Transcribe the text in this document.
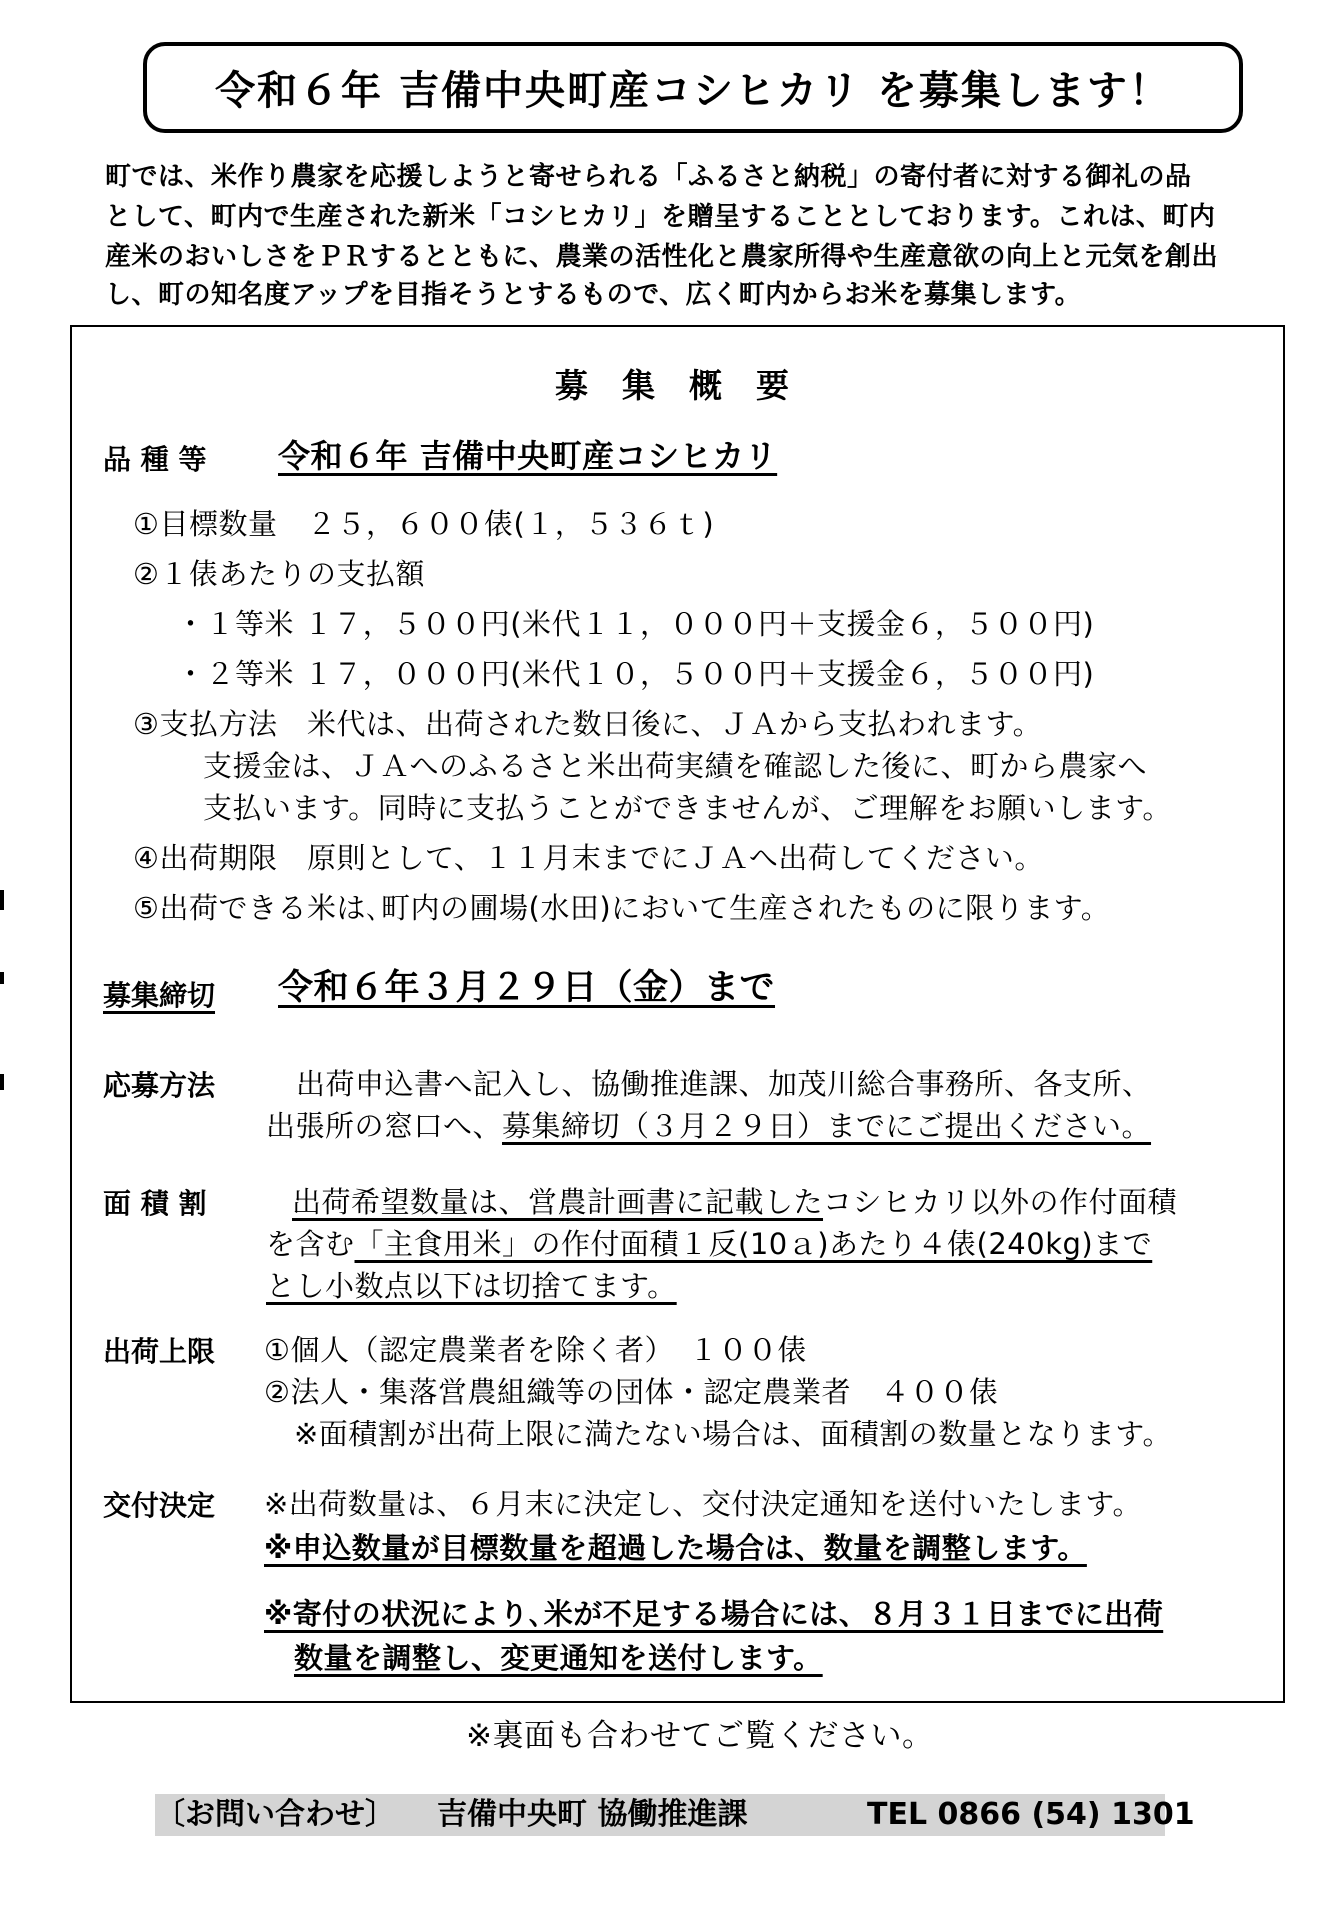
令和６年 吉備中央町産コシヒカリ を募集します！
町では、米作り農家を応援しようと寄せられる「ふるさと納税」の寄付者に対する御礼の品
として、町内で生産された新米「コシヒカリ」を贈呈することとしております。これは、町内
産米のおいしさをＰＲするとともに、農業の活性化と農家所得や生産意欲の向上と元気を創出
し、町の知名度アップを目指そうとするもので、広く町内からお米を募集します。
募　集　概　要
品 種 等 令和６年 吉備中央町産コシヒカリ
①目標数量　２５，６００俵(１，５３６ｔ)
②１俵あたりの支払額
・１等米 １７，５００円(米代１１，０００円＋支援金６，５００円)
・２等米 １７，０００円(米代１０，５００円＋支援金６，５００円)
③支払方法　米代は、出荷された数日後に、ＪＡから支払われます。
支援金は、ＪＡへのふるさと米出荷実績を確認した後に、町から農家へ
支払います。同時に支払うことができませんが、ご理解をお願いします。
④出荷期限　原則として、１１月末までにＪＡへ出荷してください。
⑤出荷できる米は､町内の圃場(水田)において生産されたものに限ります。
募集締切 令和６年３月２９日（金）まで
応募方法	出荷申込書へ記入し、協働推進課、加茂川総合事務所、各支所、
出張所の窓口へ、募集締切（３月２９日）までにご提出ください。
面 積 割	出荷希望数量は、営農計画書に記載したコシヒカリ以外の作付面積
を含む「主食用米」の作付面積１反(10ａ)あたり４俵(240kg)まで
とし小数点以下は切捨てます。
出荷上限 ①個人（認定農業者を除く者）　１００俵
②法人・集落営農組織等の団体・認定農業者　４００俵
※面積割が出荷上限に満たない場合は、面積割の数量となります。
交付決定 ※出荷数量は、６月末に決定し、交付決定通知を送付いたします。
※申込数量が目標数量を超過した場合は、数量を調整します。
※寄付の状況により､米が不足する場合には、８月３１日までに出荷
数量を調整し、変更通知を送付します。
※裏面も合わせてご覧ください。
〔お問い合わせ〕 吉備中央町 協働推進課	TEL 0866 (54) 1301
